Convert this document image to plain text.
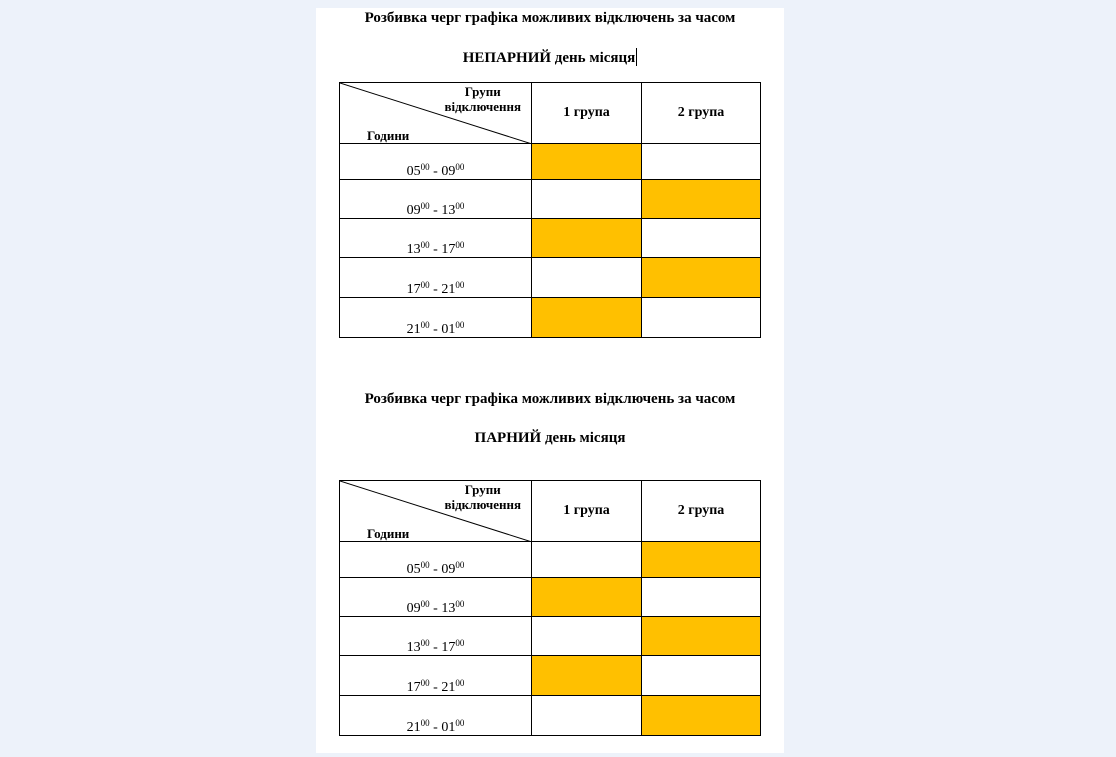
Розбивка черг графіка можливих відключень за часом
НЕПАРНИЙ день місяця
Групи
відключення
Години	1 група	2 група
$05^{00} - 09^{00}$		
$09^{00} - 13^{00}$		
$13^{00} - 17^{00}$		
$17^{00} - 21^{00}$		
$21^{00} - 01^{00}$		
Розбивка черг графіка можливих відключень за часом
ПАРНИЙ день місяця
Групи
відключення
Години	1 група	2 група
$05^{00} - 09^{00}$		
$09^{00} - 13^{00}$		
$13^{00} - 17^{00}$		
$17^{00} - 21^{00}$		
$21^{00} - 01^{00}$		
